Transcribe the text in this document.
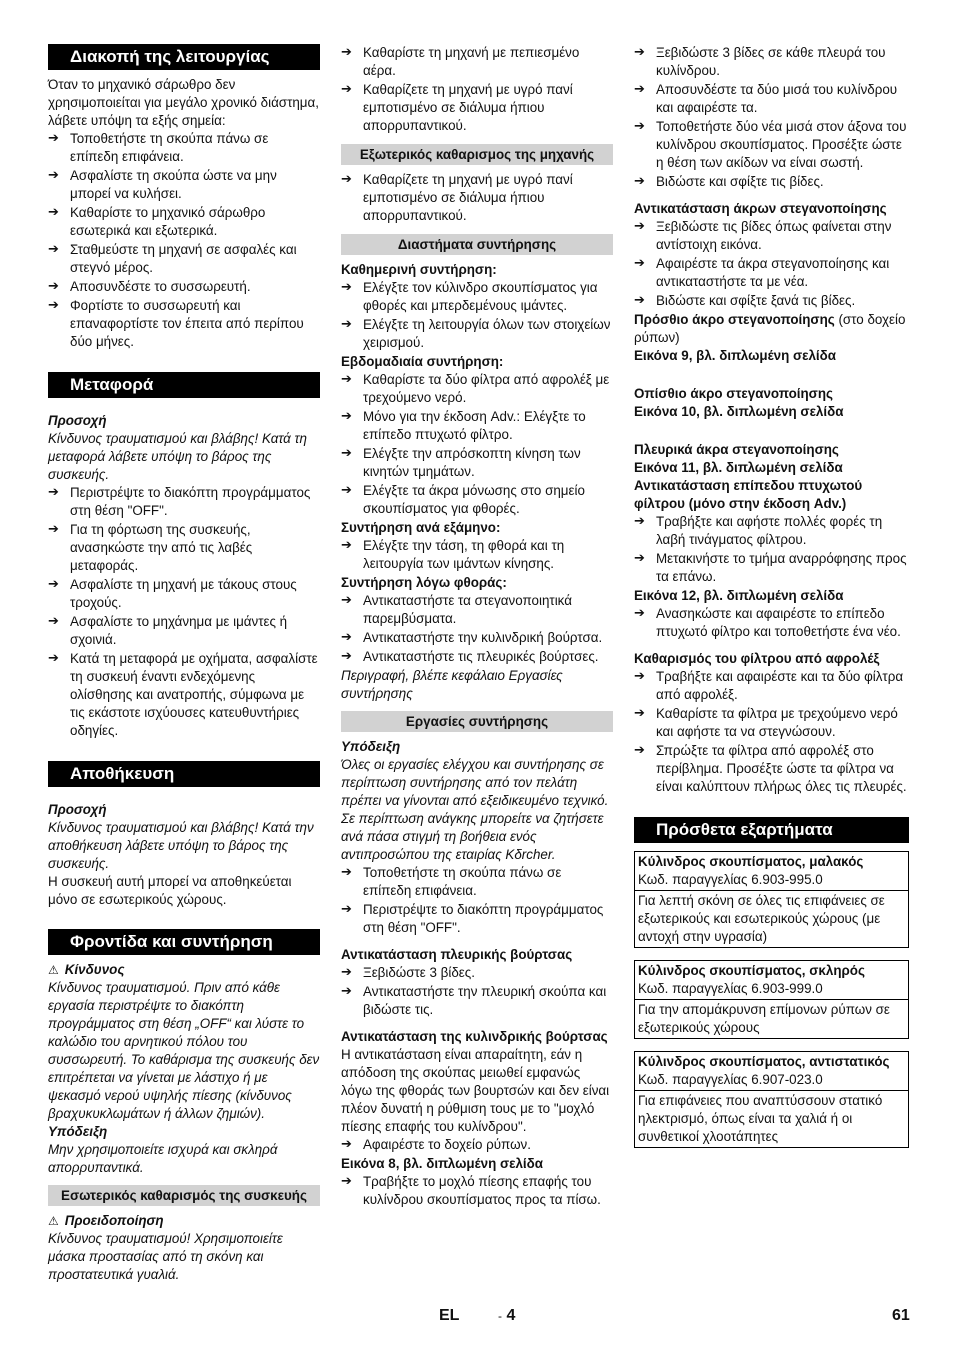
Διακοπή της λειτουργίας

Όταν το μηχανικό σάρωθρο δεν χρησιμοποιείται για μεγάλο χρονικό διάστημα, λάβετε υπόψη τα εξής σημεία:

➔ Τοποθετήστε τη σκούπα πάνω σε επίπεδη επιφάνεια.
➔ Ασφαλίστε τη σκούπα ώστε να μην μπορεί να κυλήσει.
➔ Καθαρίστε το μηχανικό σάρωθρο εσωτερικά και εξωτερικά.
➔ Σταθμεύστε τη μηχανή σε ασφαλές και στεγνό μέρος.
➔ Αποσυνδέστε το συσσωρευτή.
➔ Φορτίστε το συσσωρευτή και επαναφορτίστε τον έπειτα από περίπου δύο μήνες.
Μεταφορά

Προσοχή

Κίνδυνος τραυματισμού και βλάβης! Κατά τη μεταφορά λάβετε υπόψη το βάρος της συσκευής.

➔ Περιστρέψτε το διακόπτη προγράμματος στη θέση "OFF".
➔ Για τη φόρτωση της συσκευής, ανασηκώστε την από τις λαβές μεταφοράς.
➔ Ασφαλίστε τη μηχανή με τάκους στους τροχούς.
➔ Ασφαλίστε το μηχάνημα με ιμάντες ή σχοινιά.
➔ Κατά τη μεταφορά με οχήματα, ασφαλίστε τη συσκευή έναντι ενδεχόμενης ολίσθησης και ανατροπής, σύμφωνα με τις εκάστοτε ισχύουσες κατευθυντήριες οδηγίες.
Αποθήκευση

Προσοχή

Κίνδυνος τραυματισμού και βλάβης! Κατά την αποθήκευση λάβετε υπόψη το βάρος της συσκευής.

Η συσκευή αυτή μπορεί να αποθηκεύεται μόνο σε εσωτερικούς χώρους.

Φροντίδα και συντήρηση

⚠ Κίνδυνος

Κίνδυνος τραυματισμού. Πριν από κάθε εργασία περιστρέψτε το διακόπτη προγράμματος στη θέση „OFF“ και λύστε το καλώδιο του αρνητικού πόλου του συσσωρευτή. Το καθάρισμα της συσκευής δεν επιτρέπεται να γίνεται με λάστιχο ή με ψεκασμό νερού υψηλής πίεσης (κίνδυνος βραχυκυκλωμάτων ή άλλων ζημιών).

Υπόδειξη

Μην χρησιμοποιείτε ισχυρά και σκληρά απορρυπαντικά.

Εσωτερικός καθαρισμός της συσκευής

⚠ Προειδοποίηση

Κίνδυνος τραυματισμού! Χρησιμοποιείτε μάσκα προστασίας από τη σκόνη και προστατευτικά γυαλιά.

➔ Καθαρίστε τη μηχανή με πεπιεσμένο αέρα.
➔ Καθαρίζετε τη μηχανή με υγρό πανί εμποτισμένο σε διάλυμα ήπιου απορρυπαντικού.
Εξωτερικός καθαρισμος της μηχανής
➔ Καθαρίζετε τη μηχανή με υγρό πανί εμποτισμένο σε διάλυμα ήπιου απορρυπαντικού.
Διαστήματα συντήρησης

Καθημερινή συντήρηση:

➔ Ελέγξτε τον κύλινδρο σκουπίσματος για φθορές και μπερδεμένους ιμάντες.
➔ Ελέγξτε τη λειτουργία όλων των στοιχείων χειρισμού.

Εβδομαδιαία συντήρηση:

➔ Καθαρίστε τα δύο φίλτρα από αφρολέξ με τρεχούμενο νερό.
➔ Μόνο για την έκδοση Adv.: Ελέγξτε το επίπεδο πτυχωτό φίλτρο.
➔ Ελέγξτε την απρόσκοπτη κίνηση των κινητών τμημάτων.
➔ Ελέγξτε τα άκρα μόνωσης στο σημείο σκουπίσματος για φθορές.

Συντήρηση ανά εξάμηνο:

➔ Ελέγξτε την τάση, τη φθορά και τη λειτουργία των ιμάντων κίνησης.

Συντήρηση λόγω φθοράς:

➔ Αντικαταστήστε τα στεγανοποιητικά παρεμβύσματα.
➔ Αντικαταστήστε την κυλινδρική βούρτσα.
➔ Αντικαταστήστε τις πλευρικές βούρτσες.

Περιγραφή, βλέπε κεφάλαιο Εργασίες συντήρησης

Εργασίες συντήρησης

Υπόδειξη

Όλες οι εργασίες ελέγχου και συντήρησης σε περίπτωση συντήρησης από τον πελάτη πρέπει να γίνονται από εξειδικευμένο τεχνικό. Σε περίπτωση ανάγκης μπορείτε να ζητήσετε ανά πάσα στιγμή τη βοήθεια ενός αντιπροσώπου της εταιρίας Kδrcher.

➔ Τοποθετήστε τη σκούπα πάνω σε επίπεδη επιφάνεια.
➔ Περιστρέψτε το διακόπτη προγράμματος στη θέση "OFF".

Αντικατάσταση πλευρικής βούρτσας

➔ Ξεβιδώστε 3 βίδες.
➔ Αντικαταστήστε την πλευρική σκούπα και βιδώστε τις.

Αντικατάσταση της κυλινδρικής βούρτσας

Η αντικατάσταση είναι απαραίτητη, εάν η απόδοση της σκούπας μειωθεί εμφανώς λόγω της φθοράς των βουρτσών και δεν είναι πλέον δυνατή η ρύθμιση τους με το "μοχλό πίεσης επαφής του κυλίνδρου".

➔ Αφαιρέστε το δοχείο ρύπων.

Εικόνα 8, βλ. διπλωμένη σελίδα

➔ Τραβήξτε το μοχλό πίεσης επαφής του κυλίνδρου σκουπίσματος προς τα πίσω.
➔ Ξεβιδώστε 3 βίδες σε κάθε πλευρά του κυλίνδρου.
➔ Αποσυνδέστε τα δύο μισά του κυλίνδρου και αφαιρέστε τα.
➔ Τοποθετήστε δύο νέα μισά στον άξονα του κυλίνδρου σκουπίσματος. Προσέξτε ώστε η θέση των ακίδων να είναι σωστή.
➔ Βιδώστε και σφίξτε τις βίδες.

Αντικατάσταση άκρων στεγανοποίησης

➔ Ξεβιδώστε τις βίδες όπως φαίνεται στην αντίστοιχη εικόνα.
➔ Αφαιρέστε τα άκρα στεγανοποίησης και αντικαταστήστε τα με νέα.
➔ Βιδώστε και σφίξτε ξανά τις βίδες.

Πρόσθιο άκρο στεγανοποίησης (στο δοχείο ρύπων)

Εικόνα 9, βλ. διπλωμένη σελίδα

Οπίσθιο άκρο στεγανοποίησης

Εικόνα 10, βλ. διπλωμένη σελίδα

Πλευρικά άκρα στεγανοποίησης

Εικόνα 11, βλ. διπλωμένη σελίδα

Αντικατάσταση επίπεδου πτυχωτού φίλτρου (μόνο στην έκδοση Adv.)

➔ Τραβήξτε και αφήστε πολλές φορές τη λαβή τινάγματος φίλτρου.
➔ Μετακινήστε το τμήμα αναρρόφησης προς τα επάνω.

Εικόνα 12, βλ. διπλωμένη σελίδα

➔ Ανασηκώστε και αφαιρέστε το επίπεδο πτυχωτό φίλτρο και τοποθετήστε ένα νέο.

Καθαρισμός του φίλτρου από αφρολέξ

➔ Τραβήξτε και αφαιρέστε και τα δύο φίλτρα από αφρολέξ.
➔ Καθαρίστε τα φίλτρα με τρεχούμενο νερό και αφήστε τα να στεγνώσουν.
➔ Σπρώξτε τα φίλτρα από αφρολέξ στο περίβλημα. Προσέξτε ώστε τα φίλτρα να είναι καλύπτουν πλήρως όλες τις πλευρές.
Πρόσθετα εξαρτήματα

Κύλινδρος σκουπίσματος, μαλακός

Κωδ. παραγγελίας 6.903-995.0

Για λεπτή σκόνη σε όλες τις επιφάνειες σε εξωτερικούς και εσωτερικούς χώρους (με αντοχή στην υγρασία)

Κύλινδρος σκουπίσματος, σκληρός

Κωδ. παραγγελίας 6.903-999.0

Για την απομάκρυνση επίμονων ρύπων σε εξωτερικούς χώρους

Κύλινδρος σκουπίσματος, αντιστατικός

Κωδ. παραγγελίας 6.907-023.0

Για επιφάνειες που αναπτύσσουν στατικό ηλεκτρισμό, όπως είναι τα χαλιά ή οι συνθετικοί χλοοτάπητες
EL	- 4	61
